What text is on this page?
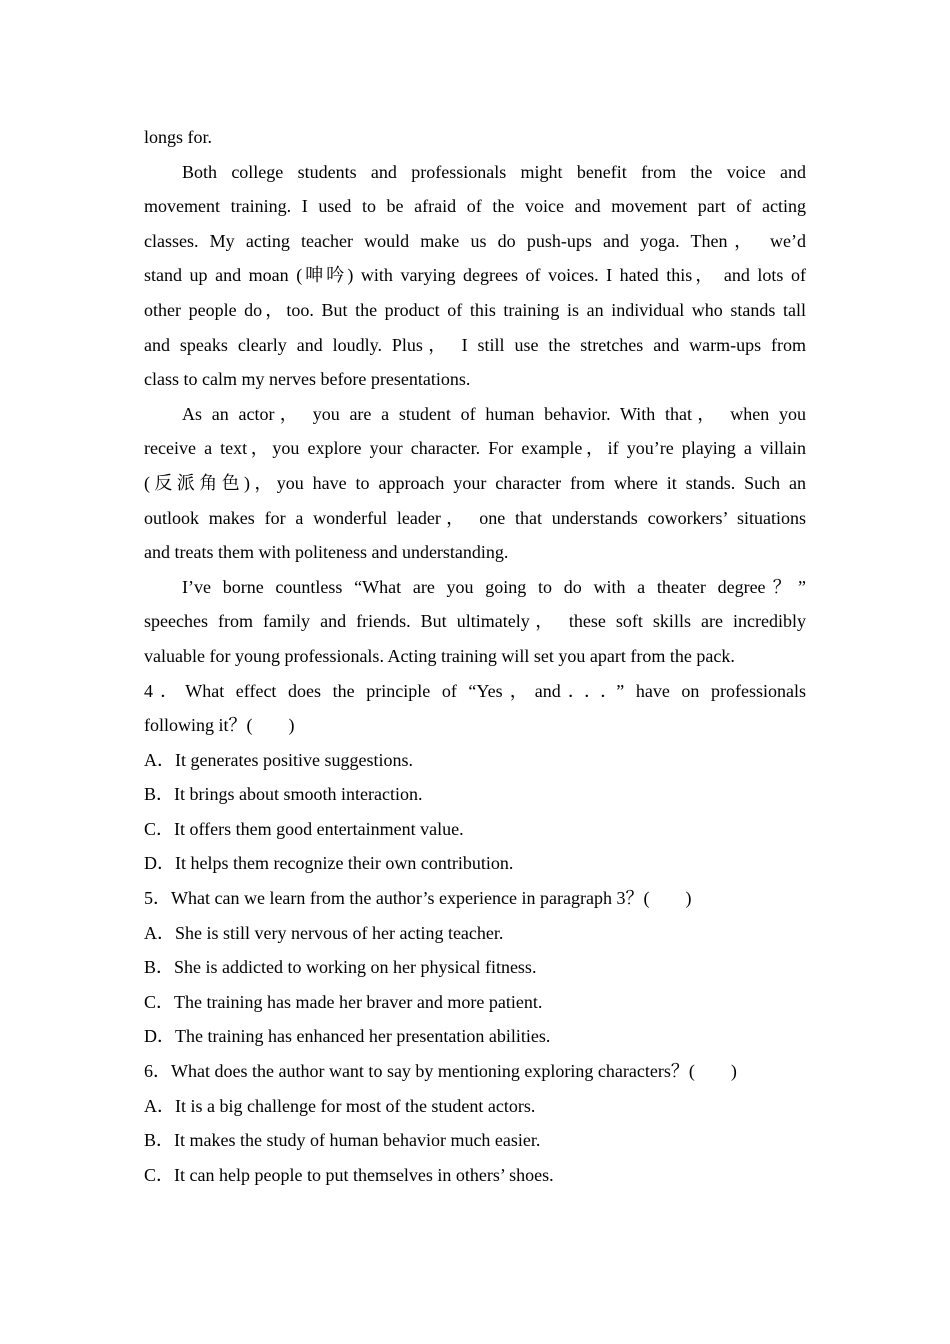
longs for.
Both college students and professionals might benefit from the voice and
movement training. I used to be afraid of the voice and movement part of acting
classes. My acting teacher would make us do push-ups and yoga. Then， we’d
stand up and moan (呻吟) with varying degrees of voices. I hated this， and lots of
other people do，too. But the product of this training is an individual who stands tall
and speaks clearly and loudly. Plus， I still use the stretches and warm-ups from
class to calm my nerves before presentations.
As an actor， you are a student of human behavior. With that， when you
receive a text，you explore your character. For example，if you’re playing a villain
(反派角色)，you have to approach your character from where it stands. Such an
outlook makes for a wonderful leader， one that understands coworkers’ situations
and treats them with politeness and understanding.
I’ve borne countless “What are you going to do with a theater degree？”
speeches from family and friends. But ultimately， these soft skills are incredibly
valuable for young professionals. Acting training will set you apart from the pack.
4．What effect does the principle of “Yes，and．．．” have on professionals
following it？(　　)
A．It generates positive suggestions.
B．It brings about smooth interaction.
C．It offers them good entertainment value.
D．It helps them recognize their own contribution.
5．What can we learn from the author’s experience in paragraph 3？(　　)
A．She is still very nervous of her acting teacher.
B．She is addicted to working on her physical fitness.
C．The training has made her braver and more patient.
D．The training has enhanced her presentation abilities.
6．What does the author want to say by mentioning exploring characters？(　　)
A．It is a big challenge for most of the student actors.
B．It makes the study of human behavior much easier.
C．It can help people to put themselves in others’ shoes.
